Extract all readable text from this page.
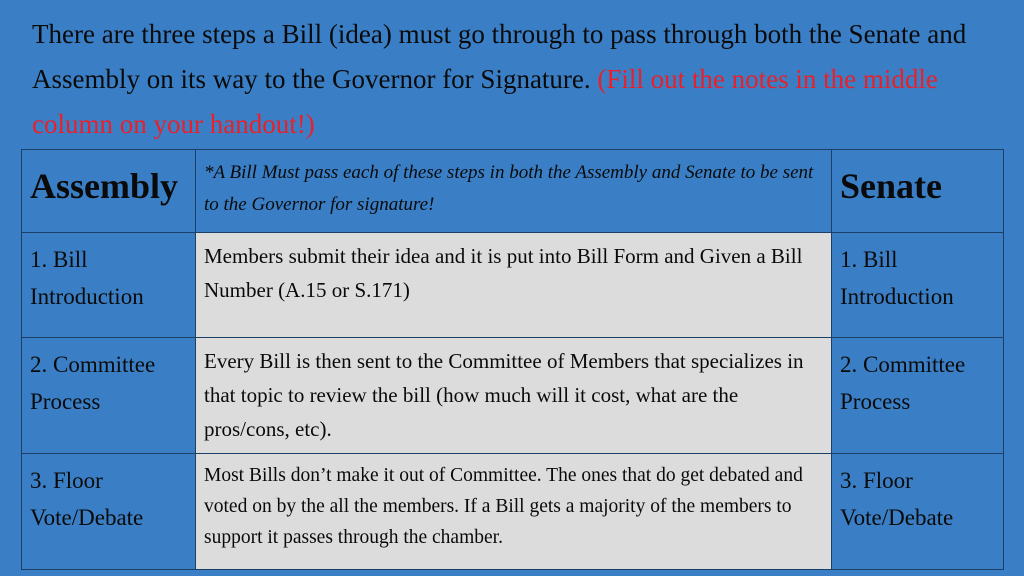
There are three steps a Bill (idea) must go through to pass through both the Senate and Assembly on its way to the Governor for Signature. (Fill out the notes in the middle column on your handout!)
Assembly	*A Bill Must pass each of these steps in both the Assembly and Senate to be sent to the Governor for signature!	Senate

1. Bill Introduction	Members submit their idea and it is put into Bill Form and Given a Bill Number (A.15 or S.171)	1. Bill Introduction

2. Committee Process	Every Bill is then sent to the Committee of Members that specializes in that topic to review the bill (how much will it cost, what are the pros/cons, etc).	2. Committee Process

3. Floor Vote/Debate	Most Bills don’t make it out of Committee. The ones that do get debated and voted on by the all the members. If a Bill gets a majority of the members to support it passes through the chamber.	3. Floor Vote/Debate
